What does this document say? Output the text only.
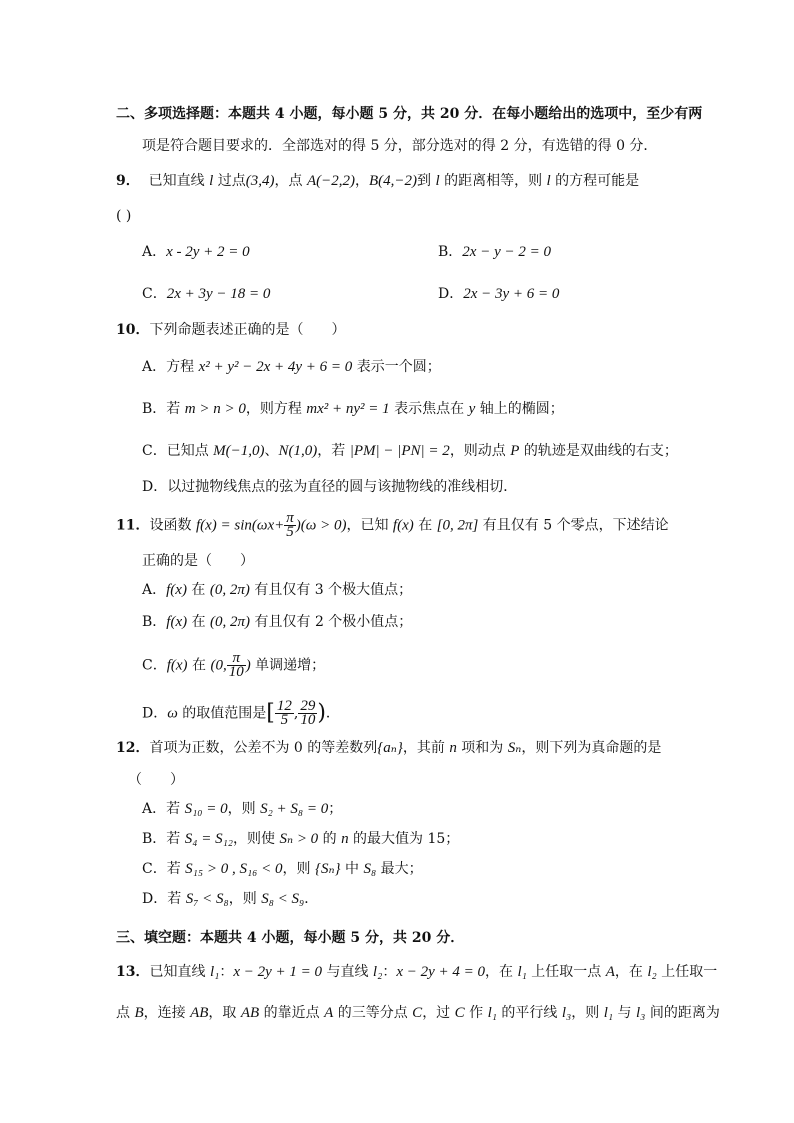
二、多项选择题：本题共 4 小题，每小题 5 分，共 20 分．在每小题给出的选项中，至少有两
项是符合题目要求的．全部选对的得 5 分，部分选对的得 2 分，有选错的得 0 分．
9． 已知直线 l 过点(3,4)，点 A(−2,2)，B(4,−2)到 l 的距离相等，则 l 的方程可能是
( )
A．x - 2y + 2 = 0	B．2x − y − 2 = 0
C．2x + 3y − 18 = 0	D．2x − 3y + 6 = 0
10．下列命题表述正确的是（　　）
A．方程 x² + y² − 2x + 4y + 6 = 0 表示一个圆；
B．若 m > n > 0，则方程 mx² + ny² = 1 表示焦点在 y 轴上的椭圆；
C．已知点 M(−1,0)、N(1,0)，若 |PM| − |PN| = 2，则动点 P 的轨迹是双曲线的右支；
D．以过抛物线焦点的弦为直径的圆与该抛物线的准线相切．
11．设函数 $f(x) = \sin(\omega x+ \frac{\pi}{5} )(\omega > 0)$，已知 f(x) 在 [0, 2π] 有且仅有 5 个零点，下述结论
正确的是（　　）
A．f(x) 在 (0, 2π) 有且仅有 3 个极大值点；
B．f(x) 在 (0, 2π) 有且仅有 2 个极小值点；
C．f(x) 在 (0, $\frac{\pi}{10}$ ) 单调递增；
D．ω 的取值范围是[ $\frac{12}{5}$ , $\frac{29}{10}$ )．
12．首项为正数，公差不为 0 的等差数列{aₙ}，其前 n 项和为 Sₙ，则下列为真命题的是
（　　）
A．若 S₁₀ = 0，则 S₂ + S₈ = 0；
B．若 S₄ = S₁₂，则使 Sₙ > 0 的 n 的最大值为 15；
C．若 S₁₅ > 0 , S₁₆ < 0，则 {Sₙ} 中 S₈ 最大；
D．若 S₇ < S₈，则 S₈ < S₉．
三、填空题：本题共 4 小题，每小题 5 分，共 20 分．
13．已知直线 l₁：x − 2y + 1 = 0 与直线 l₂：x − 2y + 4 = 0，在 l₁ 上任取一点 A，在 l₂ 上任取一
点 B，连接 AB，取 AB 的靠近点 A 的三等分点 C，过 C 作 l₁ 的平行线 l₃，则 l₁ 与 l₃ 间的距离为
